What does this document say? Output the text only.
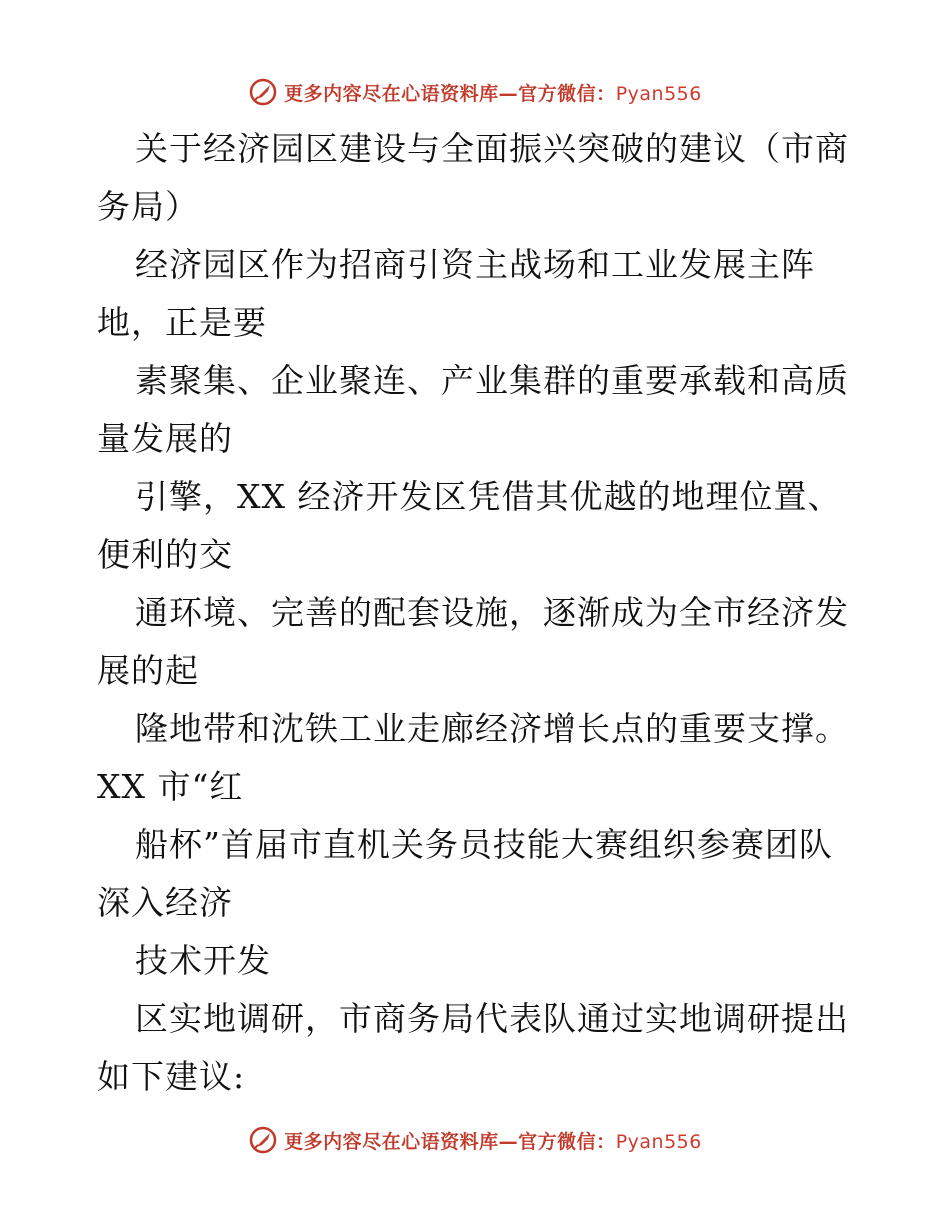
更多内容尽在心语资料库—官方微信：Pyan556
关于经济园区建设与全面振兴突破的建议（市商
务局）
经济园区作为招商引资主战场和工业发展主阵
地，正是要
素聚集、企业聚连、产业集群的重要承载和高质
量发展的
引擎，XX 经济开发区凭借其优越的地理位置、
便利的交
通环境、完善的配套设施，逐渐成为全市经济发
展的起
隆地带和沈铁工业走廊经济增长点的重要支撑。
XX 市“红
船杯”首届市直机关务员技能大赛组织参赛团队
深入经济
技术开发
区实地调研，市商务局代表队通过实地调研提出
如下建议:
更多内容尽在心语资料库—官方微信：Pyan556
